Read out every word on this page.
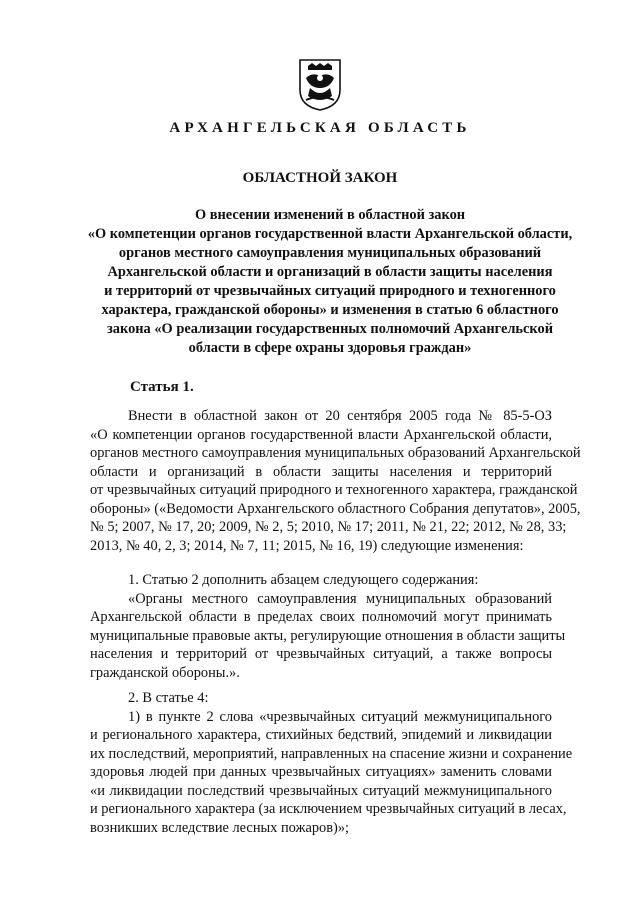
АРХАНГЕЛЬСКАЯ ОБЛАСТЬ
ОБЛАСТНОЙ ЗАКОН
О внесении изменений в областной закон
«О компетенции органов государственной власти Архангельской области,
органов местного самоуправления муниципальных образований
Архангельской области и организаций в области защиты населения
и территорий от чрезвычайных ситуаций природного и техногенного
характера, гражданской обороны» и изменения в статью 6 областного
закона «О реализации государственных полномочий Архангельской
области в сфере охраны здоровья граждан»
Статья 1.
Внести в областной закон от 20 сентября 2005 года № 85-5-ОЗ
«О компетенции органов государственной власти Архангельской области,
органов местного самоуправления муниципальных образований Архангельской
области и организаций в области защиты населения и территорий
от чрезвычайных ситуаций природного и техногенного характера, гражданской
обороны» («Ведомости Архангельского областного Собрания депутатов», 2005,
№ 5; 2007, № 17, 20; 2009, № 2, 5; 2010, № 17; 2011, № 21, 22; 2012, № 28, 33;
2013, № 40, 2, 3; 2014, № 7, 11; 2015, № 16, 19) следующие изменения:
1. Статью 2 дополнить абзацем следующего содержания:
«Органы местного самоуправления муниципальных образований
Архангельской области в пределах своих полномочий могут принимать
муниципальные правовые акты, регулирующие отношения в области защиты
населения и территорий от чрезвычайных ситуаций, а также вопросы
гражданской обороны.».
2. В статье 4:
1) в пункте 2 слова «чрезвычайных ситуаций межмуниципального
и регионального характера, стихийных бедствий, эпидемий и ликвидации
их последствий, мероприятий, направленных на спасение жизни и сохранение
здоровья людей при данных чрезвычайных ситуациях» заменить словами
«и ликвидации последствий чрезвычайных ситуаций межмуниципального
и регионального характера (за исключением чрезвычайных ситуаций в лесах,
возникших вследствие лесных пожаров)»;
